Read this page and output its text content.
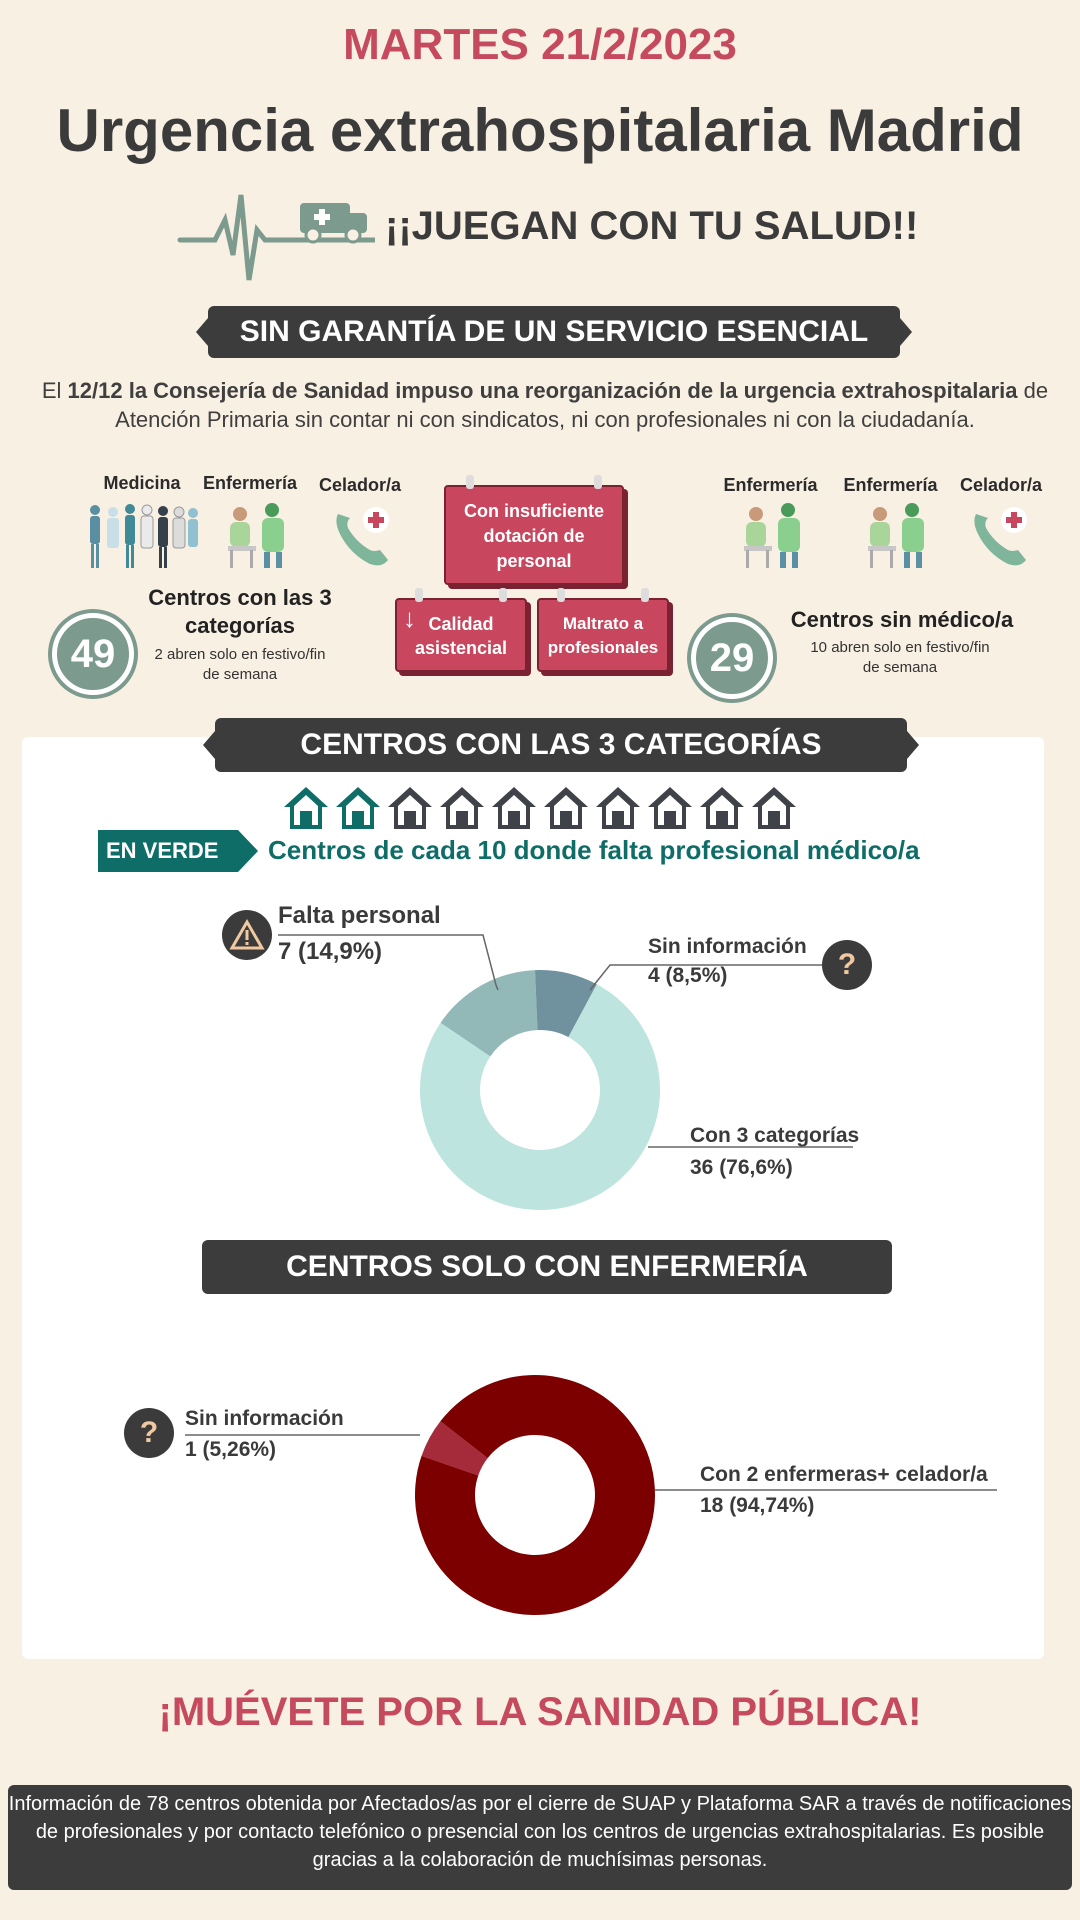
MARTES 21/2/2023
Urgencia extrahospitalaria Madrid
¡¡JUEGAN CON TU SALUD!!
SIN GARANTÍA DE UN SERVICIO ESENCIAL
El 12/12 la Consejería de Sanidad impuso una reorganización de la urgencia extrahospitalaria de Atención Primaria sin contar ni con sindicatos, ni con profesionales ni con la ciudadanía.
Medicina	Enfermería	Celador/a
49
Centros con las 3 categorías
2 abren solo en festivo/fin de semana
Con insuficiente dotación de personal
↓ Calidad asistencial
Maltrato a profesionales
Enfermería	Enfermería	Celador/a
29
Centros sin médico/a
10 abren solo en festivo/fin de semana
CENTROS CON LAS 3 CATEGORÍAS
EN VERDE	Centros de cada 10 donde falta profesional médico/a
Falta personal
7 (14,9%)	Sin información
4 (8,5%)	?
Con 3 categorías
36 (76,6%)
CENTROS SOLO CON ENFERMERÍA
?	Sin información
1 (5,26%)
Con 2 enfermeras+ celador/a
18 (94,74%)
¡MUÉVETE POR LA SANIDAD PÚBLICA!
Información de 78 centros obtenida por Afectados/as por el cierre de SUAP y Plataforma SAR a través de notificaciones de profesionales y por contacto telefónico o presencial con los centros de urgencias extrahospitalarias. Es posible gracias a la colaboración de muchísimas personas.
